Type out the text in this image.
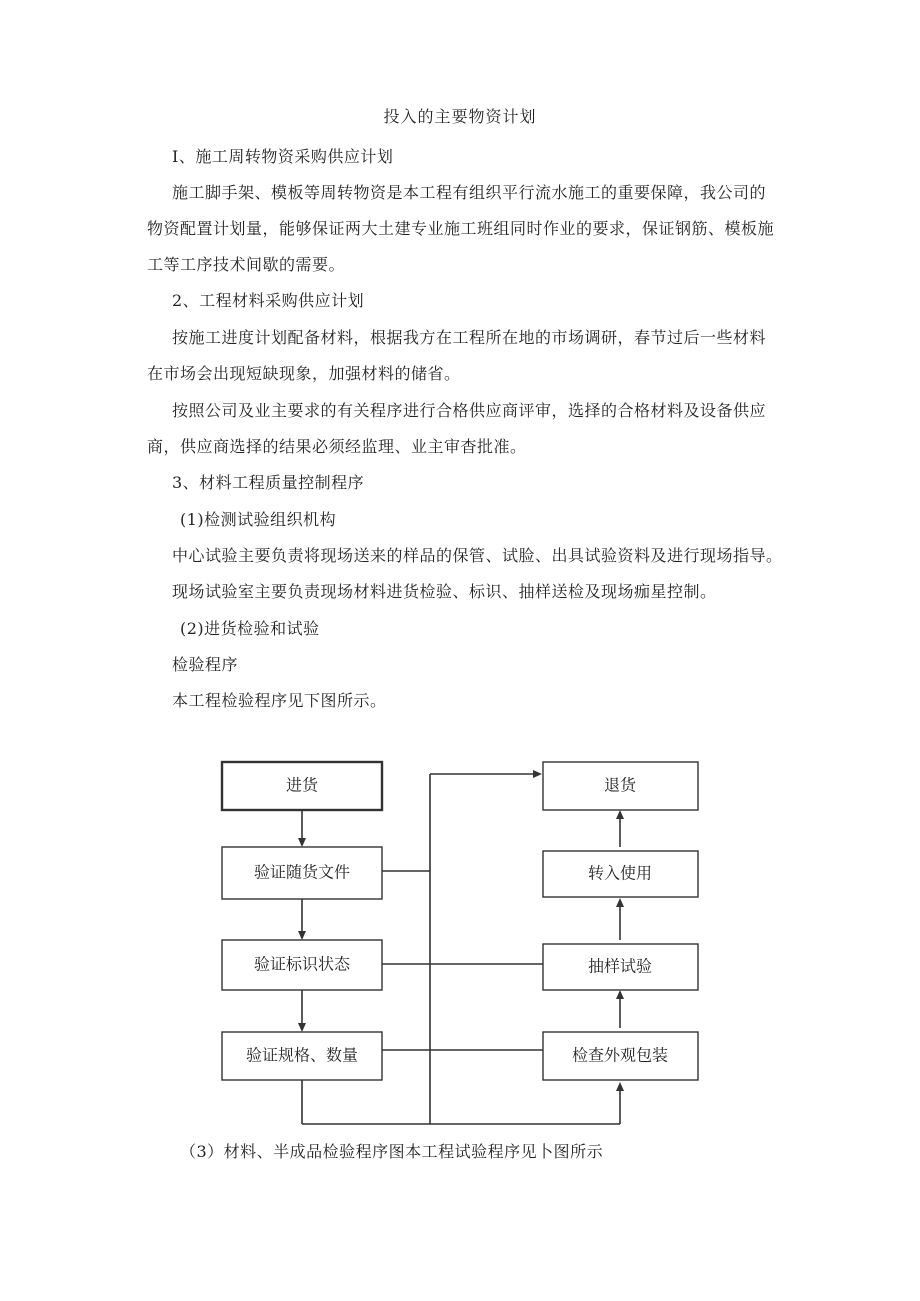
投入的主要物资计划
I、施工周转物资采购供应计划
施工脚手架、模板等周转物资是本工程有组织平行流水施工的重要保障，我公司的
物资配置计划量，能够保证两大土建专业施工班组同时作业的要求，保证钢筋、模板施
工等工序技术间歇的需要。
2、工程材料采购供应计划
按施工进度计划配备材料，根据我方在工程所在地的市场调研，春节过后一些材料
在市场会出现短缺现象，加强材料的储省。
按照公司及业主要求的有关程序进行合格供应商评审，选择的合格材料及设备供应
商，供应商选择的结果必须经监理、业主审杳批准。
3、材料工程质量控制程序
(1)检测试验组织机构
中心试验主要负责将现场送来的样品的保管、试脸、出具试验资料及进行现场指导。
现场试验室主要负责现场材料进货检验、标识、抽样送检及现场痂星控制。
(2)进货检验和试验
检验程序
本工程检验程序见下图所示。
进货
验证随货文件
验证标识状态
验证规格、数量
退货
转入使用
抽样试验
检查外观包装
（3）材料、半成品检验程序图本工程试验程序见卜图所示
